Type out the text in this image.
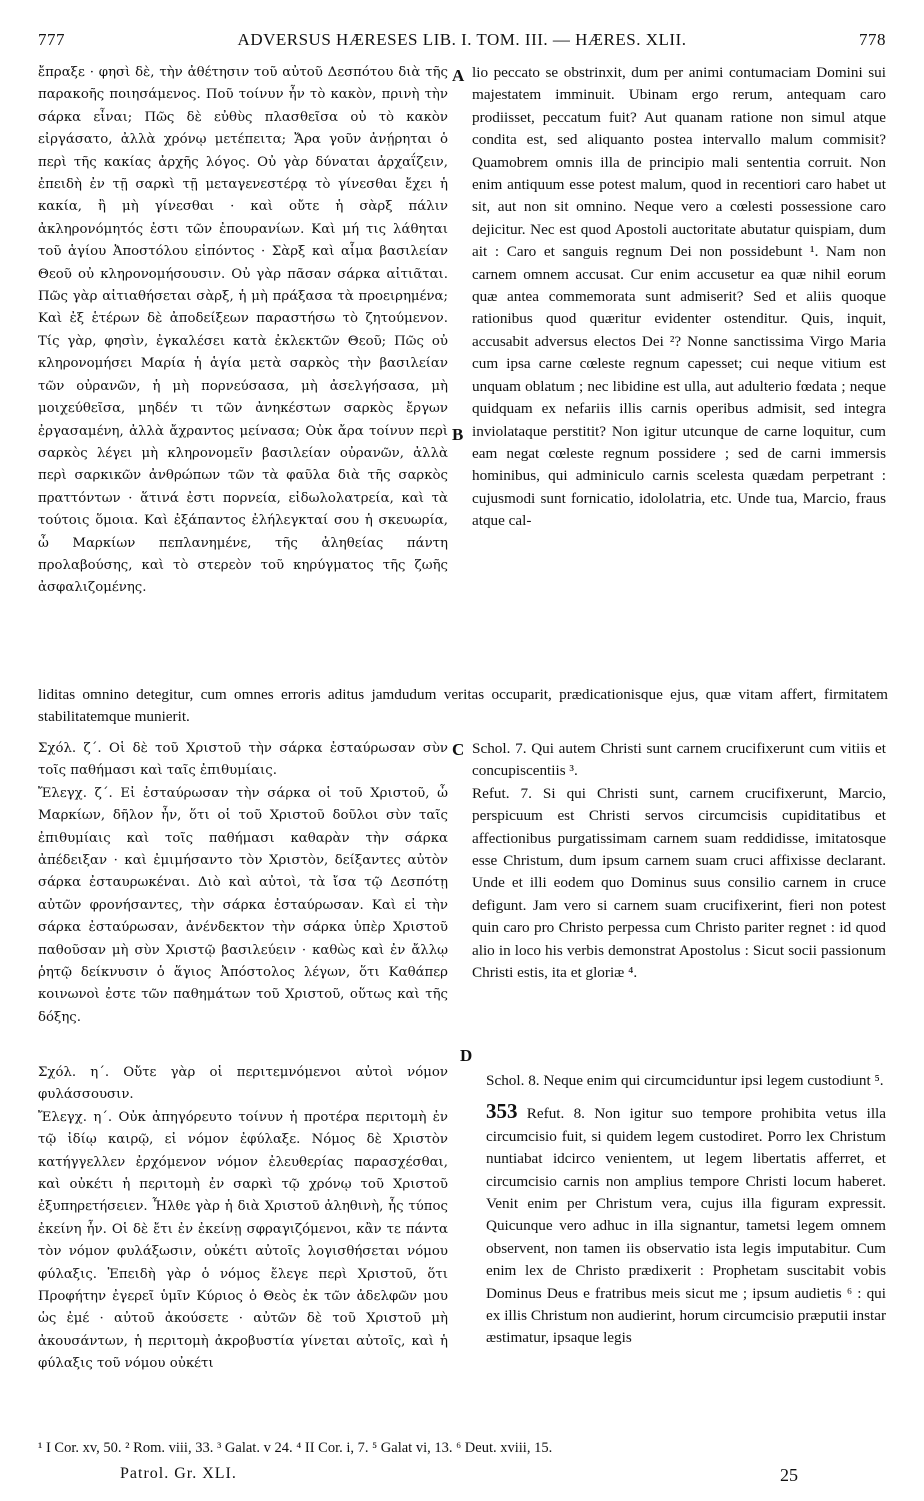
777	ADVERSUS HÆRESES LIB. I. TOM. III. — HÆRES. XLII.	778
A
B
C
D

ἔπραξε · φησὶ δὲ, τὴν ἀθέτησιν τοῦ αὐτοῦ Δεσπότου διὰ τῆς παρακοῆς ποιησάμενος. Ποῦ τοίνυν ἦν τὸ κακὸν, πρινὴ τὴν σάρκα εἶναι; Πῶς δὲ εὐθὺς πλασθεῖσα οὐ τὸ κακὸν εἰργάσατο, ἀλλὰ χρόνῳ μετέπειτα; Ἄρα γοῦν ἀνῄρηται ὁ περὶ τῆς κακίας ἀρχῆς λόγος. Οὐ γὰρ δύναται ἀρχαΐζειν, ἐπειδὴ ἐν τῇ σαρκὶ τῇ μεταγενεστέρᾳ τὸ γίνεσθαι ἔχει ἡ κακία, ἢ μὴ γίνεσθαι · καὶ οὔτε ἡ σὰρξ πάλιν ἀκληρονόμητός ἐστι τῶν ἐπουρανίων. Καὶ μή τις λάθηται τοῦ ἁγίου Ἀποστόλου εἰπόντος · Σὰρξ καὶ αἷμα βασιλείαν Θεοῦ οὐ κληρονομήσουσιν. Οὐ γὰρ πᾶσαν σάρκα αἰτιᾶται. Πῶς γὰρ αἰτιαθήσεται σὰρξ, ἡ μὴ πράξασα τὰ προειρημένα; Καὶ ἐξ ἑτέρων δὲ ἀποδείξεων παραστήσω τὸ ζητούμενον. Τίς γὰρ, φησὶν, ἐγκαλέσει κατὰ ἐκλεκτῶν Θεοῦ; Πῶς οὐ κληρονομήσει Μαρία ἡ ἁγία μετὰ σαρκὸς τὴν βασιλείαν τῶν οὐρανῶν, ἡ μὴ πορνεύσασα, μὴ ἀσελγήσασα, μὴ μοιχεύθεῖσα, μηδέν τι τῶν ἀνηκέστων σαρκὸς ἔργων ἐργασαμένη, ἀλλὰ ἄχραντος μείνασα; Οὐκ ἄρα τοίνυν περὶ σαρκὸς λέγει μὴ κληρονομεῖν βασιλείαν οὐρανῶν, ἀλλὰ περὶ σαρκικῶν ἀνθρώπων τῶν τὰ φαῦλα διὰ τῆς σαρκὸς πραττόντων · ἅτινά ἐστι πορνεία, εἰδωλολατρεία, καὶ τὰ τούτοις ὅμοια. Καὶ ἐξάπαντος ἐλήλεγκταί σου ἡ σκευωρία, ὦ Μαρκίων πεπλανημένε, τῆς ἀληθείας πάντη προλαβούσης, καὶ τὸ στερεὸν τοῦ κηρύγματος τῆς ζωῆς ἀσφαλιζομένης.

lio peccato se obstrinxit, dum per animi contumaciam Domini sui majestatem imminuit. Ubinam ergo rerum, antequam caro prodiisset, peccatum fuit? Aut quanam ratione non simul atque condita est, sed aliquanto postea intervallo malum commisit? Quamobrem omnis illa de principio mali sententia corruit. Non enim antiquum esse potest malum, quod in recentiori caro habet ut sit, aut non sit omnino. Neque vero a cœlesti possessione caro dejicitur. Nec est quod Apostoli auctoritate abutatur quispiam, dum ait : Caro et sanguis regnum Dei non possidebunt ¹. Nam non carnem omnem accusat. Cur enim accusetur ea quæ nihil eorum quæ antea commemorata sunt admiserit? Sed et aliis quoque rationibus quod quæritur evidenter ostenditur. Quis, inquit, accusabit adversus electos Dei ²? Nonne sanctissima Virgo Maria cum ipsa carne cœleste regnum capesset; cui neque vitium est unquam oblatum ; nec libidine est ulla, aut adulterio fœdata ; neque quidquam ex nefariis illis carnis operibus admisit, sed integra inviolataque perstitit? Non igitur utcunque de carne loquitur, cum eam negat cœleste regnum possidere ; sed de carni immersis hominibus, qui adminiculo carnis scelesta quædam perpetrant : cujusmodi sunt fornicatio, idololatria, etc. Unde tua, Marcio, fraus atque cal-

liditas omnino detegitur, cum omnes erroris aditus jamdudum veritas occuparit, prædicationisque ejus, quæ vitam affert, firmitatem stabilitatemque munierit.

Σχόλ. ζ΄. Οἱ δὲ τοῦ Χριστοῦ τὴν σάρκα ἐσταύρωσαν σὺν τοῖς παθήμασι καὶ ταῖς ἐπιθυμίαις.

Ἔλεγχ. ζ΄. Εἰ ἐσταύρωσαν τὴν σάρκα οἱ τοῦ Χριστοῦ, ὦ Μαρκίων, δῆλον ἦν, ὅτι οἱ τοῦ Χριστοῦ δοῦλοι σὺν ταῖς ἐπιθυμίαις καὶ τοῖς παθήμασι καθαρὰν τὴν σάρκα ἀπέδειξαν · καὶ ἐμιμήσαντο τὸν Χριστὸν, δείξαντες αὐτὸν σάρκα ἐσταυρωκέναι. Διὸ καὶ αὐτοὶ, τὰ ἴσα τῷ Δεσπότῃ αὐτῶν φρονήσαντες, τὴν σάρκα ἐσταύρωσαν. Καὶ εἰ τὴν σάρκα ἐσταύρωσαν, ἀνένδεκτον τὴν σάρκα ὑπὲρ Χριστοῦ παθοῦσαν μὴ σὺν Χριστῷ βασιλεύειν · καθὼς καὶ ἐν ἄλλῳ ῥητῷ δείκνυσιν ὁ ἅγιος Ἀπόστολος λέγων, ὅτι Καθάπερ κοινωνοὶ ἐστε τῶν παθημάτων τοῦ Χριστοῦ, οὕτως καὶ τῆς δόξης.

Schol. 7. Qui autem Christi sunt carnem crucifixerunt cum vitiis et concupiscentiis ³.

Refut. 7. Si qui Christi sunt, carnem crucifixerunt, Marcio, perspicuum est Christi servos circumcisis cupiditatibus et affectionibus purgatissimam carnem suam reddidisse, imitatosque esse Christum, dum ipsum carnem suam cruci affixisse declarant. Unde et illi eodem quo Dominus suus consilio carnem in cruce defigunt. Jam vero si carnem suam crucifixerint, fieri non potest quin caro pro Christo perpessa cum Christo pariter regnet : id quod alio in loco his verbis demonstrat Apostolus : Sicut socii passionum Christi estis, ita et gloriæ ⁴.

Σχόλ. η΄. Οὔτε γὰρ οἱ περιτεμνόμενοι αὐτοὶ νόμον φυλάσσουσιν.

Ἔλεγχ. η΄. Οὐκ ἀπηγόρευτο τοίνυν ἡ προτέρα περιτομὴ ἐν τῷ ἰδίῳ καιρῷ, εἰ νόμον ἐφύλαξε. Νόμος δὲ Χριστὸν κατήγγελλεν ἐρχόμενον νόμον ἐλευθερίας παρασχέσθαι, καὶ οὐκέτι ἡ περιτομὴ ἐν σαρκὶ τῷ χρόνῳ τοῦ Χριστοῦ ἐξυπηρετήσειεν. Ἦλθε γὰρ ἡ διὰ Χριστοῦ ἀληθινὴ, ἧς τύπος ἐκείνη ἦν. Οἱ δὲ ἔτι ἐν ἐκείνῃ σφραγιζόμενοι, κἂν τε πάντα τὸν νόμον φυλάξωσιν, οὐκέτι αὐτοῖς λογισθήσεται νόμου φύλαξις. Ἐπειδὴ γὰρ ὁ νόμος ἔλεγε περὶ Χριστοῦ, ὅτι Προφήτην ἐγερεῖ ὑμῖν Κύριος ὁ Θεὸς ἐκ τῶν ἀδελφῶν μου ὡς ἐμέ · αὐτοῦ ἀκούσετε · αὐτῶν δὲ τοῦ Χριστοῦ μὴ ἀκουσάντων, ἡ περιτομὴ ἀκροβυστία γίνεται αὐτοῖς, καὶ ἡ φύλαξις τοῦ νόμου οὐκέτι

Schol. 8. Neque enim qui circumciduntur ipsi legem custodiunt ⁵.

353 Refut. 8. Non igitur suo tempore prohibita vetus illa circumcisio fuit, si quidem legem custodiret. Porro lex Christum nuntiabat idcirco venientem, ut legem libertatis afferret, et circumcisio carnis non amplius tempore Christi locum haberet. Venit enim per Christum vera, cujus illa figuram expressit. Quicunque vero adhuc in illa signantur, tametsi legem omnem observent, non tamen iis observatio ista legis imputabitur. Cum enim lex de Christo prædixerit : Prophetam suscitabit vobis Dominus Deus e fratribus meis sicut me ; ipsum audietis ⁶ : qui ex illis Christum non audierint, horum circumcisio præputii instar æstimatur, ipsaque legis

¹ I Cor. xv, 50. ² Rom. viii, 33. ³ Galat. v 24. ⁴ II Cor. i, 7. ⁵ Galat vi, 13. ⁶ Deut. xviii, 15.
Patrol. Gr. XLI.	25
